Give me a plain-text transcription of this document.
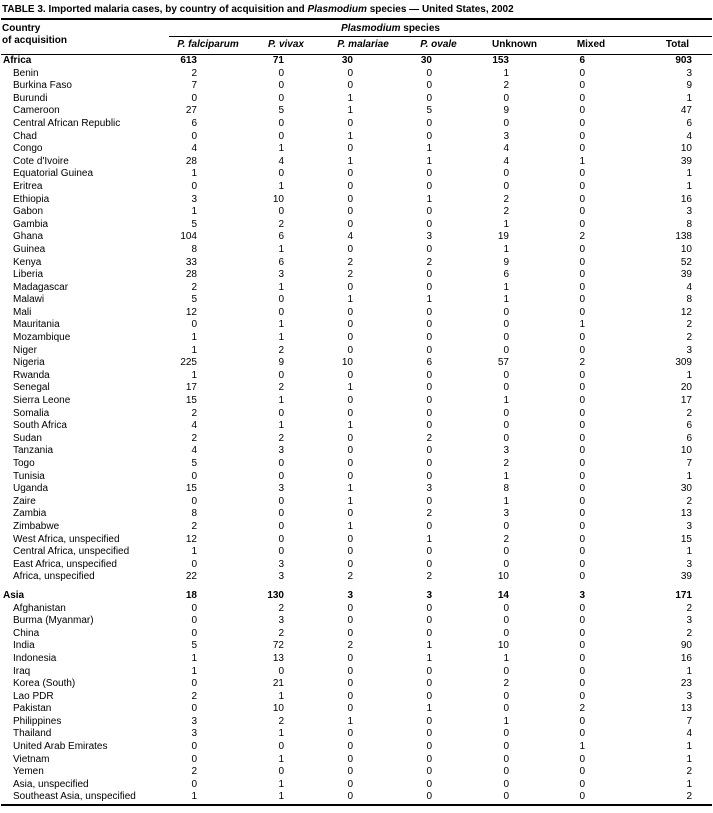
TABLE 3. Imported malaria cases, by country of acquisition and Plasmodium species — United States, 2002
Country
of acquisition	Plasmodium species						
	P. falciparum	P. vivax	P. malariae	P. ovale	Unknown	Mixed	Total
Africa	613	71	30	30	153	6	903
Benin	2	0	0	0	1	0	3
Burkina Faso	7	0	0	0	2	0	9
Burundi	0	0	1	0	0	0	1
Cameroon	27	5	1	5	9	0	47
Central African Republic	6	0	0	0	0	0	6
Chad	0	0	1	0	3	0	4
Congo	4	1	0	1	4	0	10
Cote d'Ivoire	28	4	1	1	4	1	39
Equatorial Guinea	1	0	0	0	0	0	1
Eritrea	0	1	0	0	0	0	1
Ethiopia	3	10	0	1	2	0	16
Gabon	1	0	0	0	2	0	3
Gambia	5	2	0	0	1	0	8
Ghana	104	6	4	3	19	2	138
Guinea	8	1	0	0	1	0	10
Kenya	33	6	2	2	9	0	52
Liberia	28	3	2	0	6	0	39
Madagascar	2	1	0	0	1	0	4
Malawi	5	0	1	1	1	0	8
Mali	12	0	0	0	0	0	12
Mauritania	0	1	0	0	0	1	2
Mozambique	1	1	0	0	0	0	2
Niger	1	2	0	0	0	0	3
Nigeria	225	9	10	6	57	2	309
Rwanda	1	0	0	0	0	0	1
Senegal	17	2	1	0	0	0	20
Sierra Leone	15	1	0	0	1	0	17
Somalia	2	0	0	0	0	0	2
South Africa	4	1	1	0	0	0	6
Sudan	2	2	0	2	0	0	6
Tanzania	4	3	0	0	3	0	10
Togo	5	0	0	0	2	0	7
Tunisia	0	0	0	0	1	0	1
Uganda	15	3	1	3	8	0	30
Zaire	0	0	1	0	1	0	2
Zambia	8	0	0	2	3	0	13
Zimbabwe	2	0	1	0	0	0	3
West Africa, unspecified	12	0	0	1	2	0	15
Central Africa, unspecified	1	0	0	0	0	0	1
East Africa, unspecified	0	3	0	0	0	0	3
Africa, unspecified	22	3	2	2	10	0	39
Asia	18	130	3	3	14	3	171
Afghanistan	0	2	0	0	0	0	2
Burma (Myanmar)	0	3	0	0	0	0	3
China	0	2	0	0	0	0	2
India	5	72	2	1	10	0	90
Indonesia	1	13	0	1	1	0	16
Iraq	1	0	0	0	0	0	1
Korea (South)	0	21	0	0	2	0	23
Lao PDR	2	1	0	0	0	0	3
Pakistan	0	10	0	1	0	2	13
Philippines	3	2	1	0	1	0	7
Thailand	3	1	0	0	0	0	4
United Arab Emirates	0	0	0	0	0	1	1
Vietnam	0	1	0	0	0	0	1
Yemen	2	0	0	0	0	0	2
Asia, unspecified	0	1	0	0	0	0	1
Southeast Asia, unspecified	1	1	0	0	0	0	2
